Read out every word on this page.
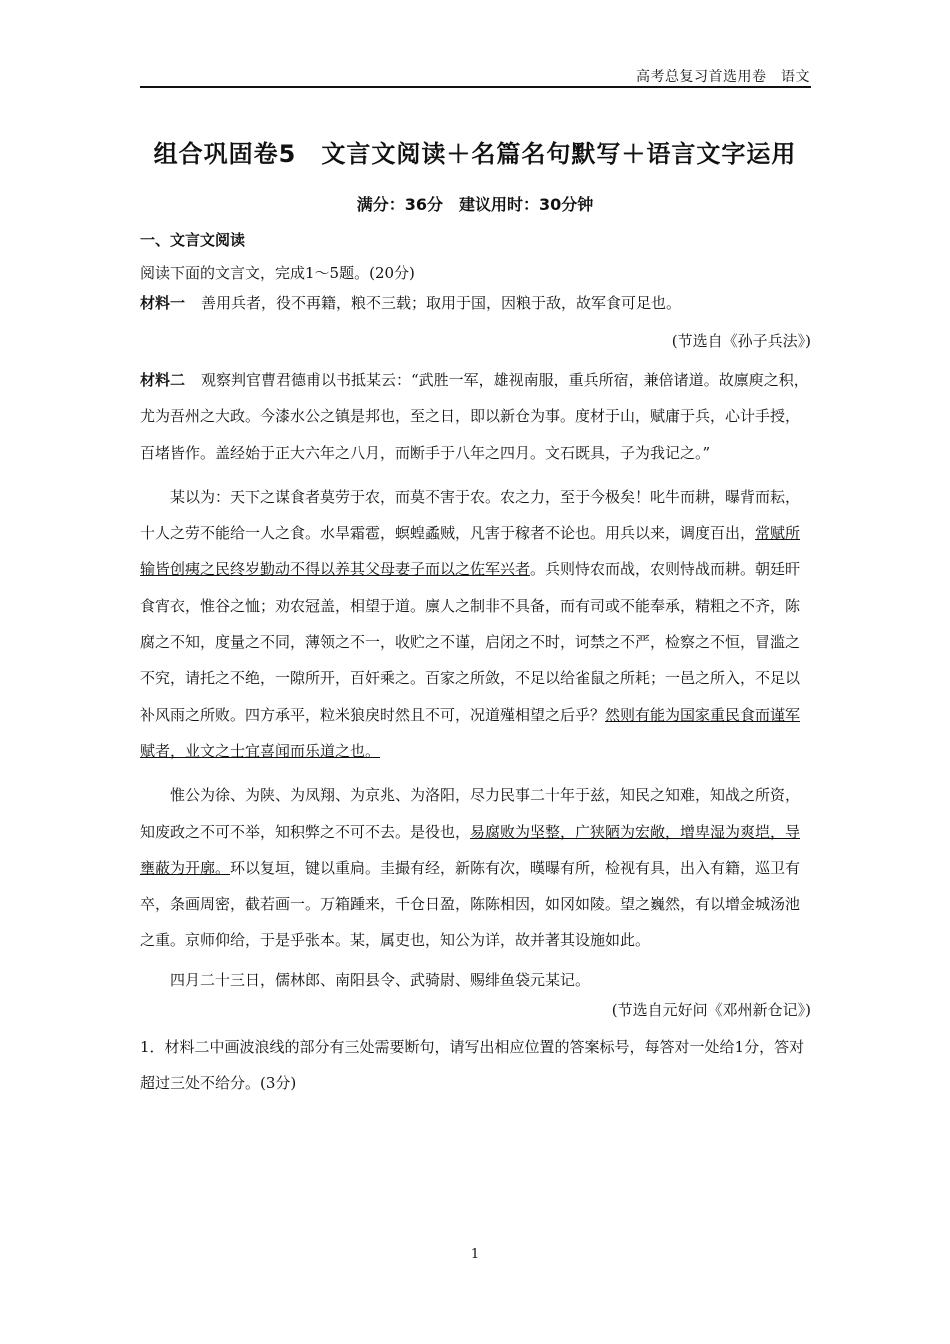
高考总复习首选用卷　语文
组合巩固卷5　文言文阅读＋名篇名句默写＋语言文字运用
满分：36分　建议用时：30分钟

一、文言文阅读

阅读下面的文言文，完成1～5题。(20分)

材料一 善用兵者，役不再籍，粮不三载；取用于国，因粮于敌，故军食可足也。

(节选自《孙子兵法》)

材料二 观察判官曹君德甫以书抵某云：“武胜一军，雄视南服，重兵所宿，兼倍诸道。故廪庾之积，尤为吾州之大政。今漆水公之镇是邦也，至之日，即以新仓为事。度材于山，赋庸于兵，心计手授，百堵皆作。盖经始于正大六年之八月，而断手于八年之四月。文石既具，子为我记之。”

某以为：天下之谋食者莫劳于农，而莫不害于农。农之力，至于今极矣！叱牛而耕，曝背而耘，十人之劳不能给一人之食。水旱霜雹，螟蝗蟊贼，凡害于稼者不论也。用兵以来，调度百出，常赋所输皆创痍之民终岁勤动不得以养其父母妻子而以之佐军兴者。兵则恃农而战，农则恃战而耕。朝廷旰食宵衣，惟谷之恤；劝农冠盖，相望于道。廪人之制非不具备，而有司或不能奉承，精粗之不齐，陈腐之不知，度量之不同，薄领之不一，收贮之不谨，启闭之不时，诃禁之不严，检察之不恒，冒滥之不究，请托之不绝，一隙所开，百奸乘之。百家之所敛，不足以给雀鼠之所耗；一邑之所入，不足以补风雨之所败。四方承平，粒米狼戾时然且不可，况道殣相望之后乎？然则有能为国家重民食而谨军赋者，业文之士宜喜闻而乐道之也。

惟公为徐、为陕、为凤翔、为京兆、为洛阳，尽力民事二十年于兹，知民之知难，知战之所资，知废政之不可不举，知积弊之不可不去。是役也，易腐败为坚整，广狭陋为宏敞，增卑湿为爽垲，导壅蔽为开廓。环以复垣，键以重扃。圭撮有经，新陈有次，暵曝有所，检视有具，出入有籍，巡卫有卒，条画周密，截若画一。万箱踵来，千仓日盈，陈陈相因，如冈如陵。望之巍然，有以增金城汤池之重。京师仰给，于是乎张本。某，属吏也，知公为详，故并著其设施如此。

四月二十三日，儒林郎、南阳县令、武骑尉、赐绯鱼袋元某记。

(节选自元好问《邓州新仓记》)

1．材料二中画波浪线的部分有三处需要断句，请写出相应位置的答案标号，每答对一处给1分，答对超过三处不给分。(3分)

1
